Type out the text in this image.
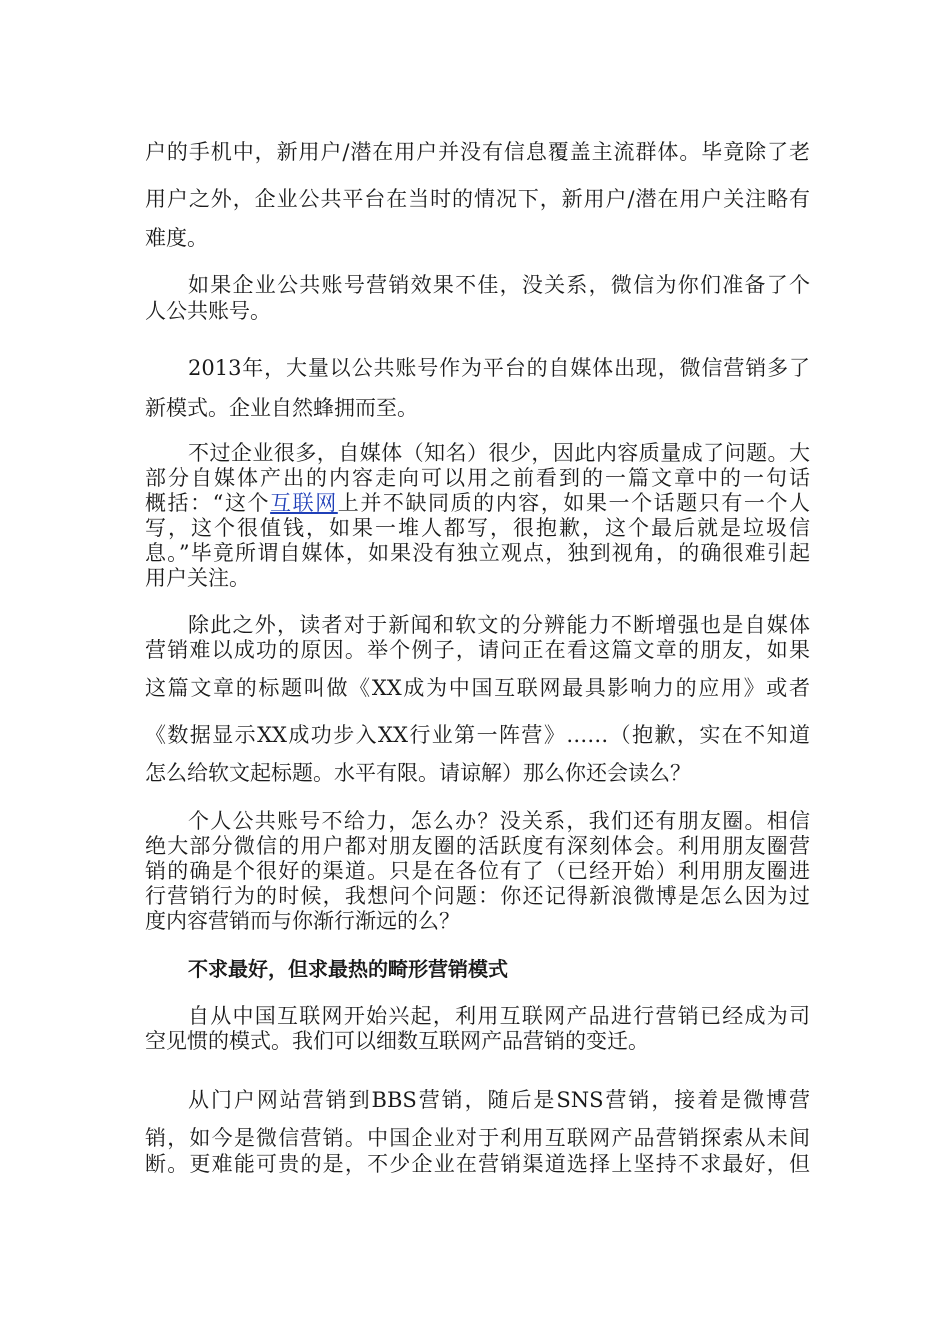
户的手机中，新用户/潜在用户并没有信息覆盖主流群体。毕竟除了老
用户之外，企业公共平台在当时的情况下，新用户/潜在用户关注略有
难度。
如果企业公共账号营销效果不佳，没关系，微信为你们准备了个
人公共账号。
2013年，大量以公共账号作为平台的自媒体出现，微信营销多了
新模式。企业自然蜂拥而至。
不过企业很多，自媒体（知名）很少，因此内容质量成了问题。大
部分自媒体产出的内容走向可以用之前看到的一篇文章中的一句话
概括：“这个互联网上并不缺同质的内容，如果一个话题只有一个人
写，这个很值钱，如果一堆人都写，很抱歉，这个最后就是垃圾信
息。”毕竟所谓自媒体，如果没有独立观点，独到视角，的确很难引起
用户关注。
除此之外，读者对于新闻和软文的分辨能力不断增强也是自媒体
营销难以成功的原因。举个例子，请问正在看这篇文章的朋友，如果
这篇文章的标题叫做《XX成为中国互联网最具影响力的应用》或者
《数据显示XX成功步入XX行业第一阵营》……（抱歉，实在不知道
怎么给软文起标题。水平有限。请谅解）那么你还会读么？
个人公共账号不给力，怎么办？没关系，我们还有朋友圈。相信
绝大部分微信的用户都对朋友圈的活跃度有深刻体会。利用朋友圈营
销的确是个很好的渠道。只是在各位有了（已经开始）利用朋友圈进
行营销行为的时候，我想问个问题：你还记得新浪微博是怎么因为过
度内容营销而与你渐行渐远的么？
不求最好，但求最热的畸形营销模式
自从中国互联网开始兴起，利用互联网产品进行营销已经成为司
空见惯的模式。我们可以细数互联网产品营销的变迁。
从门户网站营销到BBS营销，随后是SNS营销，接着是微博营
销，如今是微信营销。中国企业对于利用互联网产品营销探索从未间
断。更难能可贵的是，不少企业在营销渠道选择上坚持不求最好，但
